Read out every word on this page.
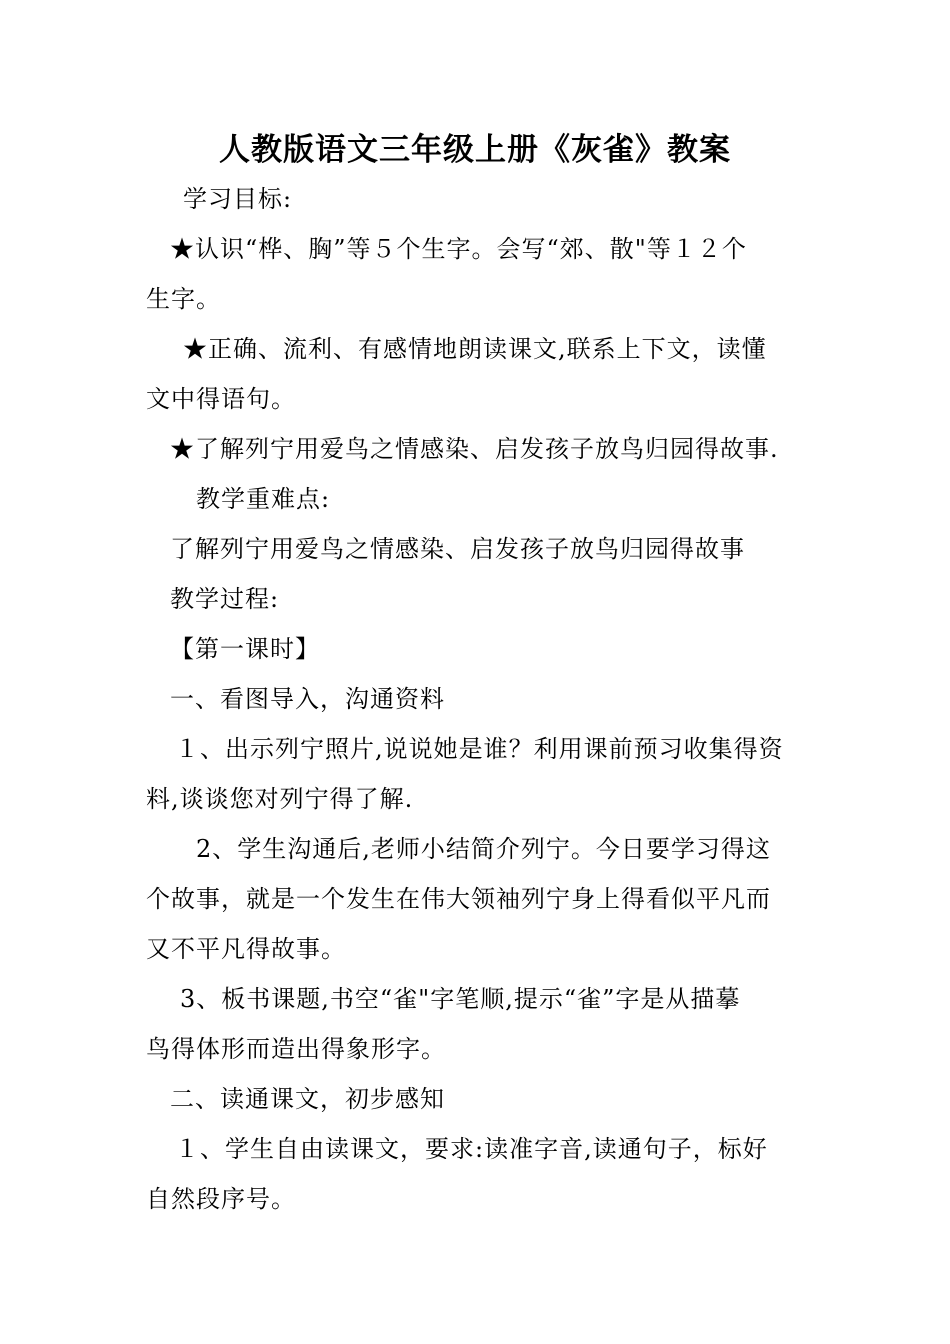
人教版语文三年级上册《灰雀》教案
学习目标:
★认识“桦、胸”等５个生字。会写“郊、散"等１２个
生字。
★正确、流利、有感情地朗读课文,联系上下文，读懂
文中得语句。
★了解列宁用爱鸟之情感染、启发孩子放鸟归园得故事.
教学重难点:
了解列宁用爱鸟之情感染、启发孩子放鸟归园得故事
教学过程:
【第一课时】
一、看图导入，沟通资料
１、出示列宁照片,说说她是谁？利用课前预习收集得资
料,谈谈您对列宁得了解.
2、学生沟通后,老师小结简介列宁。今日要学习得这
个故事，就是一个发生在伟大领袖列宁身上得看似平凡而
又不平凡得故事。
3、板书课题,书空“雀"字笔顺,提示“雀”字是从描摹
鸟得体形而造出得象形字。
二、读通课文，初步感知
１、学生自由读课文，要求:读准字音,读通句子，标好
自然段序号。
